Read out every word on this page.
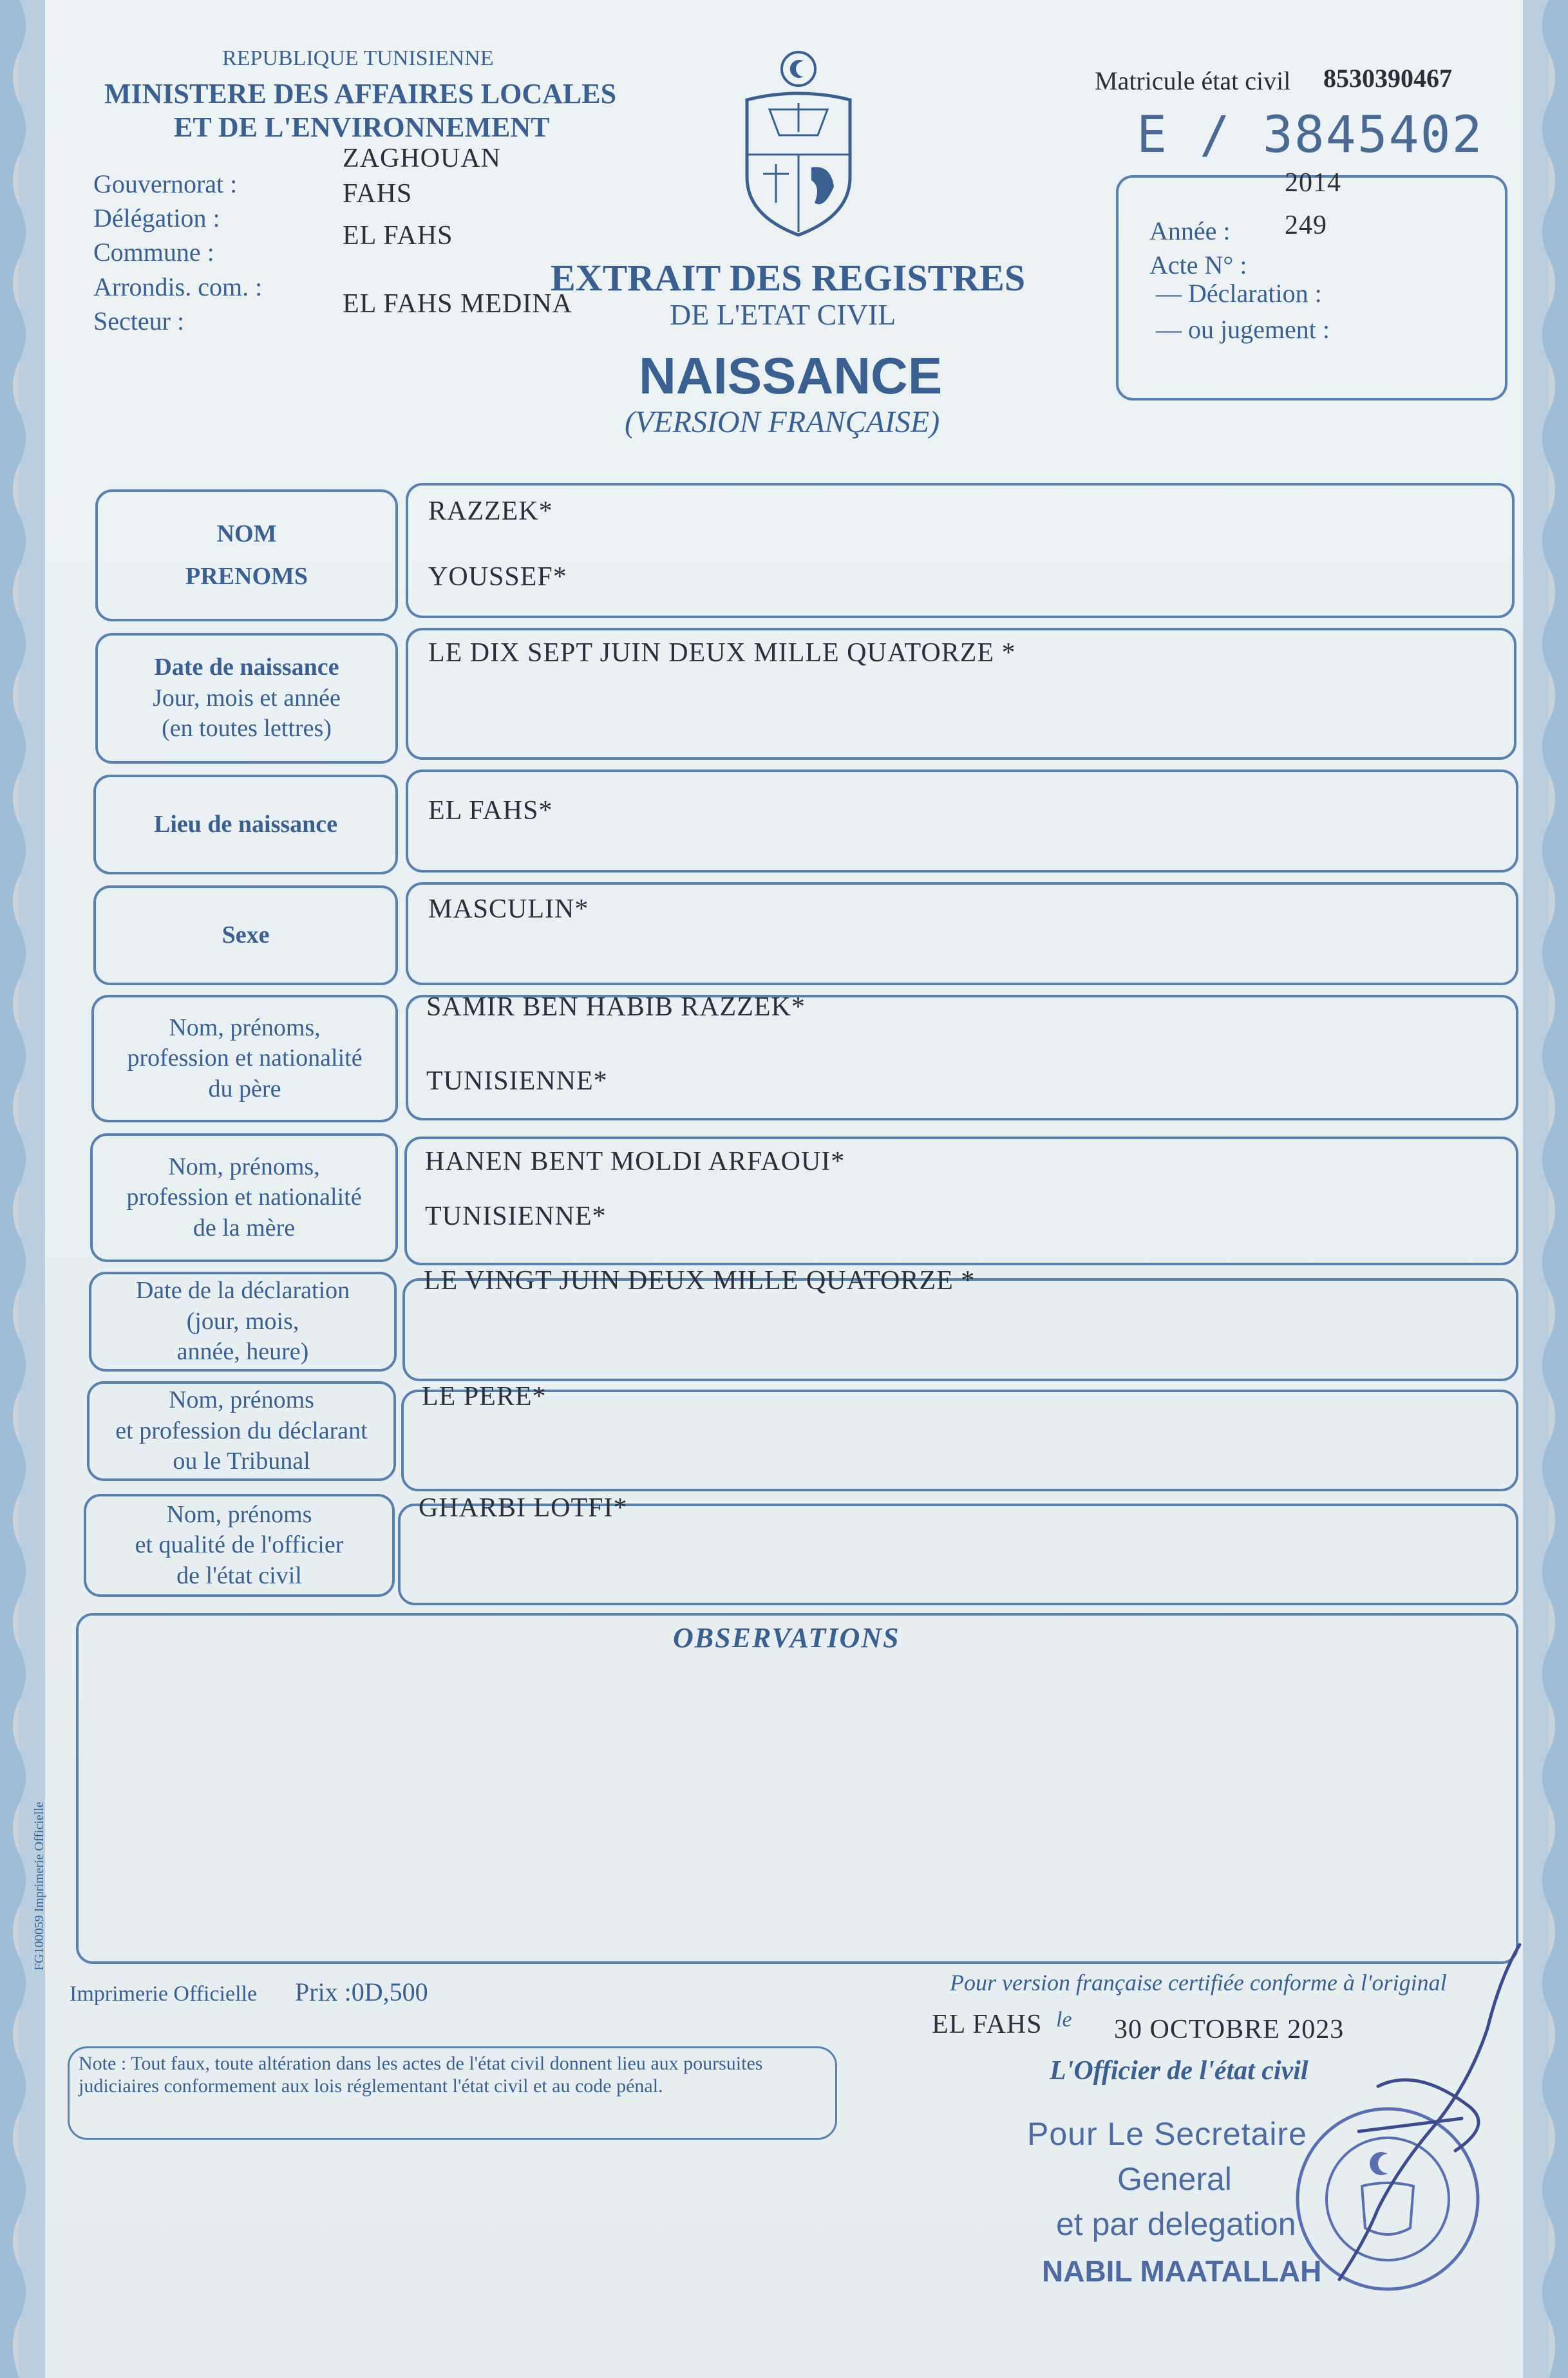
REPUBLIQUE TUNISIENNE
MINISTERE DES AFFAIRES LOCALES
ET DE L'ENVIRONNEMENT
Gouvernorat :
ZAGHOUAN
Délégation :
FAHS
Commune :
EL FAHS
Arrondis. com. :
Secteur :
EL FAHS MEDINA
Matricule état civil 8530390467
E / 3845402
Année :
2014
Acte N° :
249
— Déclaration :
— ou jugement :
EXTRAIT DES REGISTRES
DE L'ETAT CIVIL
NAISSANCE
(VERSION FRANÇAISE)
NOM
PRENOMS
RAZZEK*
YOUSSEF*
Date de naissance
Jour, mois et année
(en toutes lettres)
LE DIX SEPT JUIN DEUX MILLE QUATORZE *
Lieu de naissance	EL FAHS*
Sexe
MASCULIN*
Nom, prénoms,
profession et nationalité
du père
SAMIR BEN HABIB RAZZEK*
TUNISIENNE*
Nom, prénoms,
profession et nationalité
de la mère
HANEN BENT MOLDI ARFAOUI*
TUNISIENNE*
Date de la déclaration
(jour, mois,
année, heure)
LE VINGT JUIN DEUX MILLE QUATORZE *
Nom, prénoms
et profession du déclarant
ou le Tribunal
LE PERE*
Nom, prénoms
et qualité de l'officier
de l'état civil
GHARBI LOTFI*
OBSERVATIONS
FG100059 Imprimerie Officielle
Imprimerie Officielle Prix :0D,500	Pour version française certifiée conforme à l'original
EL FAHS le 30 OCTOBRE 2023
L'Officier de l'état civil
Note : Tout faux, toute altération dans les actes de l'état civil donnent lieu aux poursuites judiciaires conformement aux lois réglementant l'état civil et au code pénal.
Pour Le Secretaire
General
et par delegation
NABIL MAATALLAH
